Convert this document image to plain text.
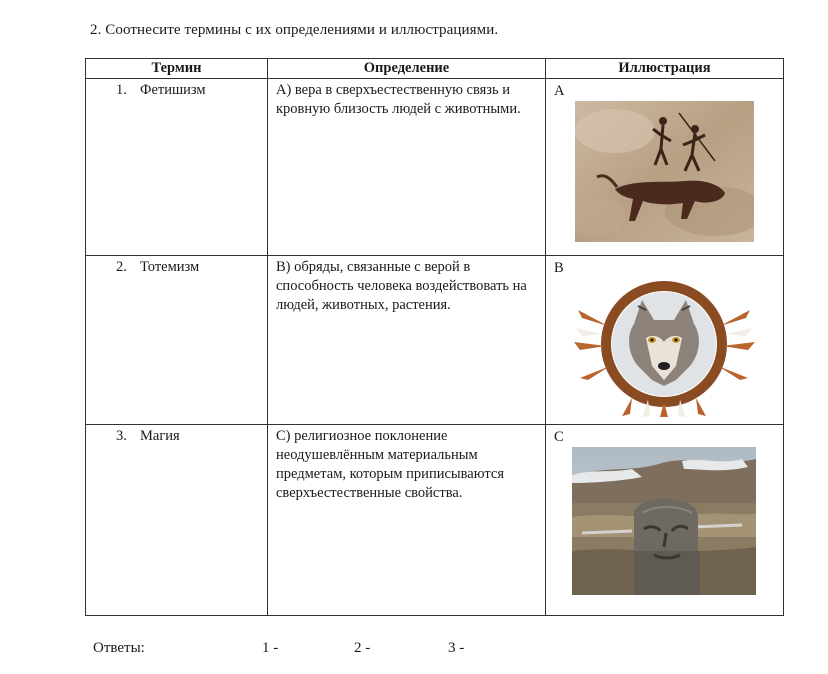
2. Соотнесите термины с их определениями и иллюстрациями.
Термин	Определение	Иллюстрация
1. Фетишизм	А) вера в сверхъестественную связь и кровную близость людей с животными.	A

2. Тотемизм	В) обряды, связанные с верой в способность человека воздействовать на людей, животных, растения.	B

3. Магия	С) религиозное поклонение неодушевлённым материальным предметам, которым приписываются сверхъестественные свойства.	C
Ответы:	1 -	2 -	3 -
